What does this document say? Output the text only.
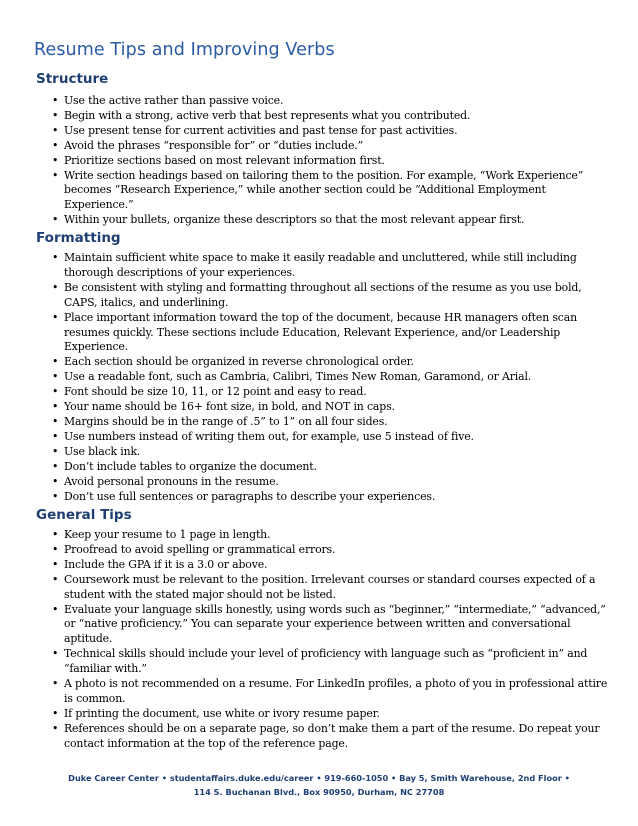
Resume Tips and Improving Verbs
Structure
• Use the active rather than passive voice.
• Begin with a strong, active verb that best represents what you contributed.
• Use present tense for current activities and past tense for past activities.
• Avoid the phrases “responsible for” or “duties include.”
• Prioritize sections based on most relevant information first.
• Write section headings based on tailoring them to the position. For example, “Work Experience” becomes “Research Experience,” while another section could be “Additional Employment Experience.”
• Within your bullets, organize these descriptors so that the most relevant appear first.
Formatting
• Maintain sufficient white space to make it easily readable and uncluttered, while still including thorough descriptions of your experiences.
• Be consistent with styling and formatting throughout all sections of the resume as you use bold, CAPS, italics, and underlining.
• Place important information toward the top of the document, because HR managers often scan resumes quickly. These sections include Education, Relevant Experience, and/or Leadership Experience.
• Each section should be organized in reverse chronological order.
• Use a readable font, such as Cambria, Calibri, Times New Roman, Garamond, or Arial.
• Font should be size 10, 11, or 12 point and easy to read.
• Your name should be 16+ font size, in bold, and NOT in caps.
• Margins should be in the range of .5” to 1” on all four sides.
• Use numbers instead of writing them out, for example, use 5 instead of five.
• Use black ink.
• Don’t include tables to organize the document.
• Avoid personal pronouns in the resume.
• Don’t use full sentences or paragraphs to describe your experiences.
General Tips
• Keep your resume to 1 page in length.
• Proofread to avoid spelling or grammatical errors.
• Include the GPA if it is a 3.0 or above.
• Coursework must be relevant to the position. Irrelevant courses or standard courses expected of a student with the stated major should not be listed.
• Evaluate your language skills honestly, using words such as “beginner,” “intermediate,” “advanced,” or “native proficiency.” You can separate your experience between written and conversational aptitude.
• Technical skills should include your level of proficiency with language such as “proficient in” and “familiar with.”
• A photo is not recommended on a resume. For LinkedIn profiles, a photo of you in professional attire is common.
• If printing the document, use white or ivory resume paper.
• References should be on a separate page, so don’t make them a part of the resume. Do repeat your contact information at the top of the reference page.
Duke Career Center • studentaffairs.duke.edu/career • 919-660-1050 • Bay 5, Smith Warehouse, 2nd Floor •
114 S. Buchanan Blvd., Box 90950, Durham, NC 27708
